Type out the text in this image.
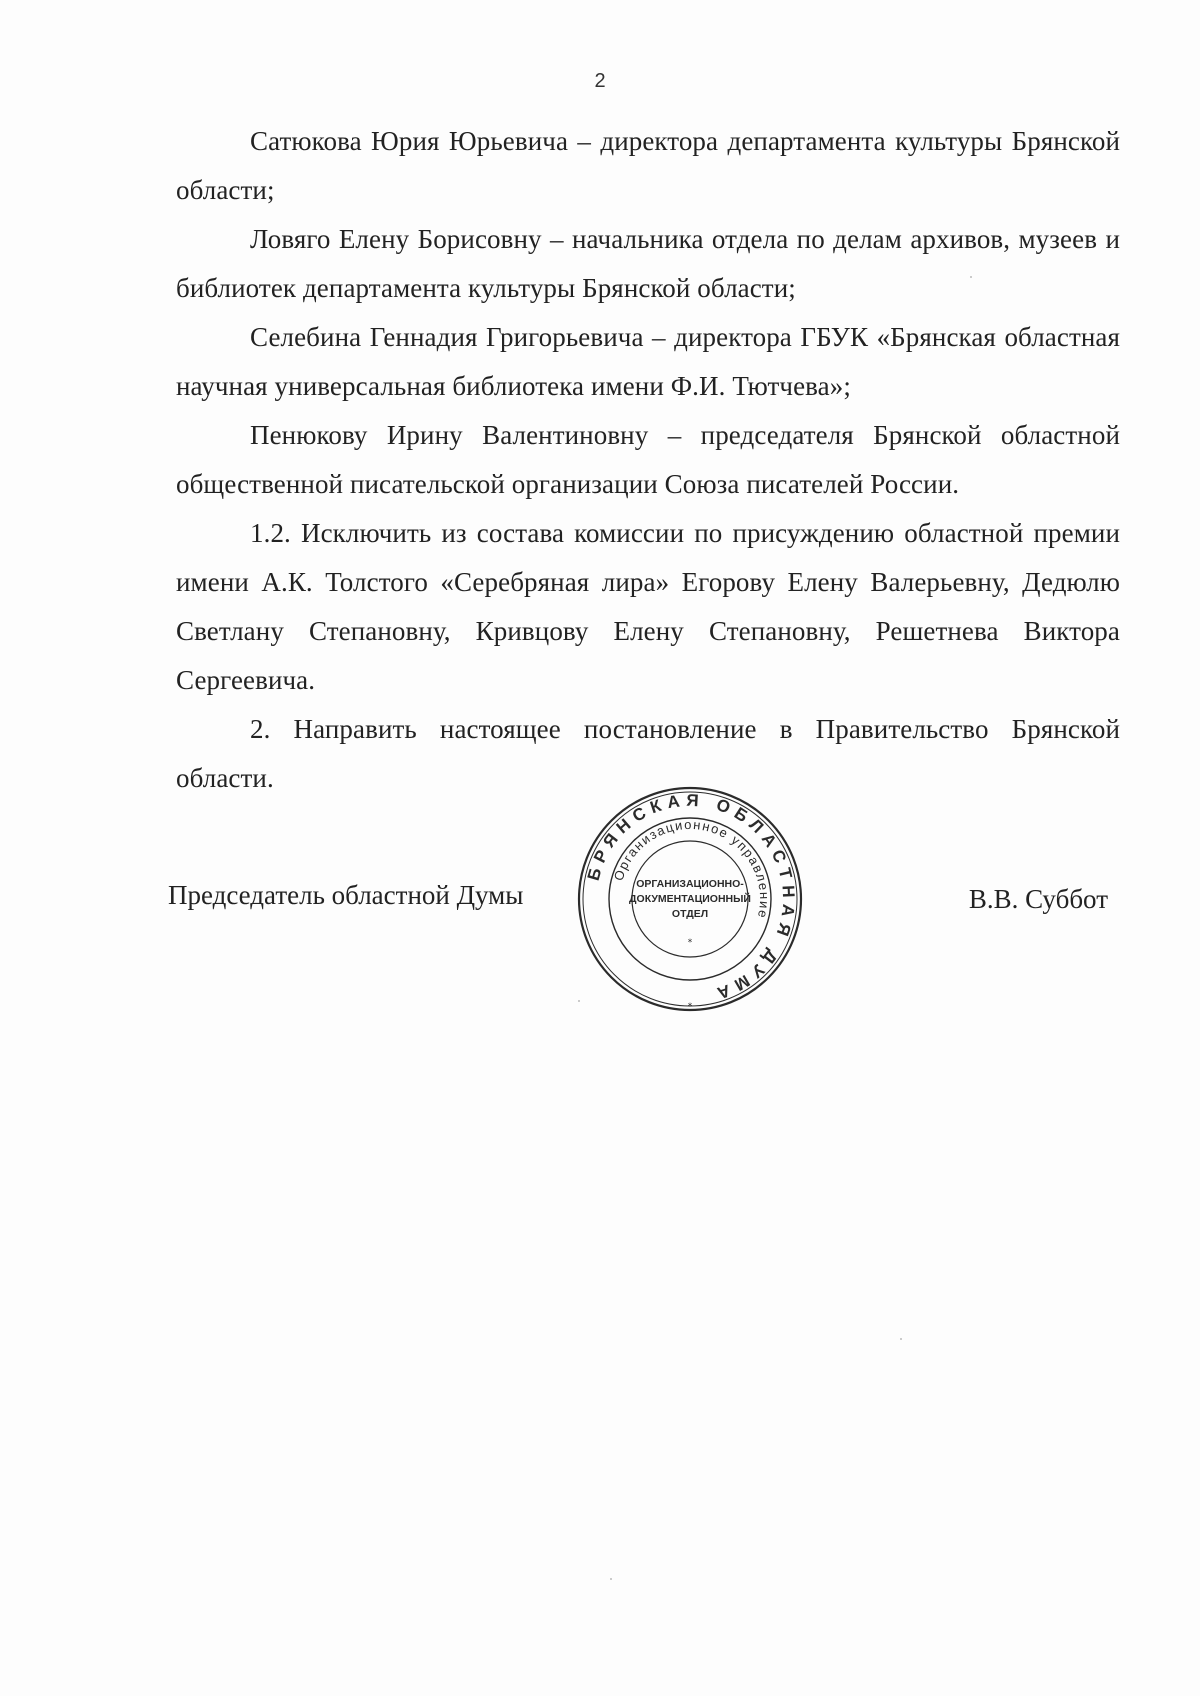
2

Сатюкова Юрия Юрьевича – директора департамента культуры Брянской области;

Ловяго Елену Борисовну – начальника отдела по делам архивов, музеев и библиотек департамента культуры Брянской области;

Селебина Геннадия Григорьевича – директора ГБУК «Брянская областная научная универсальная библиотека имени Ф.И. Тютчева»;

Пенюкову Ирину Валентиновну – председателя Брянской областной общественной писательской организации Союза писателей России.

1.2. Исключить из состава комиссии по присуждению областной премии имени А.К. Толстого «Серебряная лира» Егорову Елену Валерьевну, Дедюлю Светлану Степановну, Кривцову Елену Степановну, Решетнева Виктора Сергеевича.

2. Направить настоящее постановление в Правительство Брянской области.

Председатель областной Думы	В.В. Суббот
БРЯНСКАЯ ОБЛАСТНАЯ ДУМА
Организационное управление
ОРГАНИЗАЦИОННО-
ДОКУМЕНТАЦИОННЫЙ
ОТДЕЛ
*
*
